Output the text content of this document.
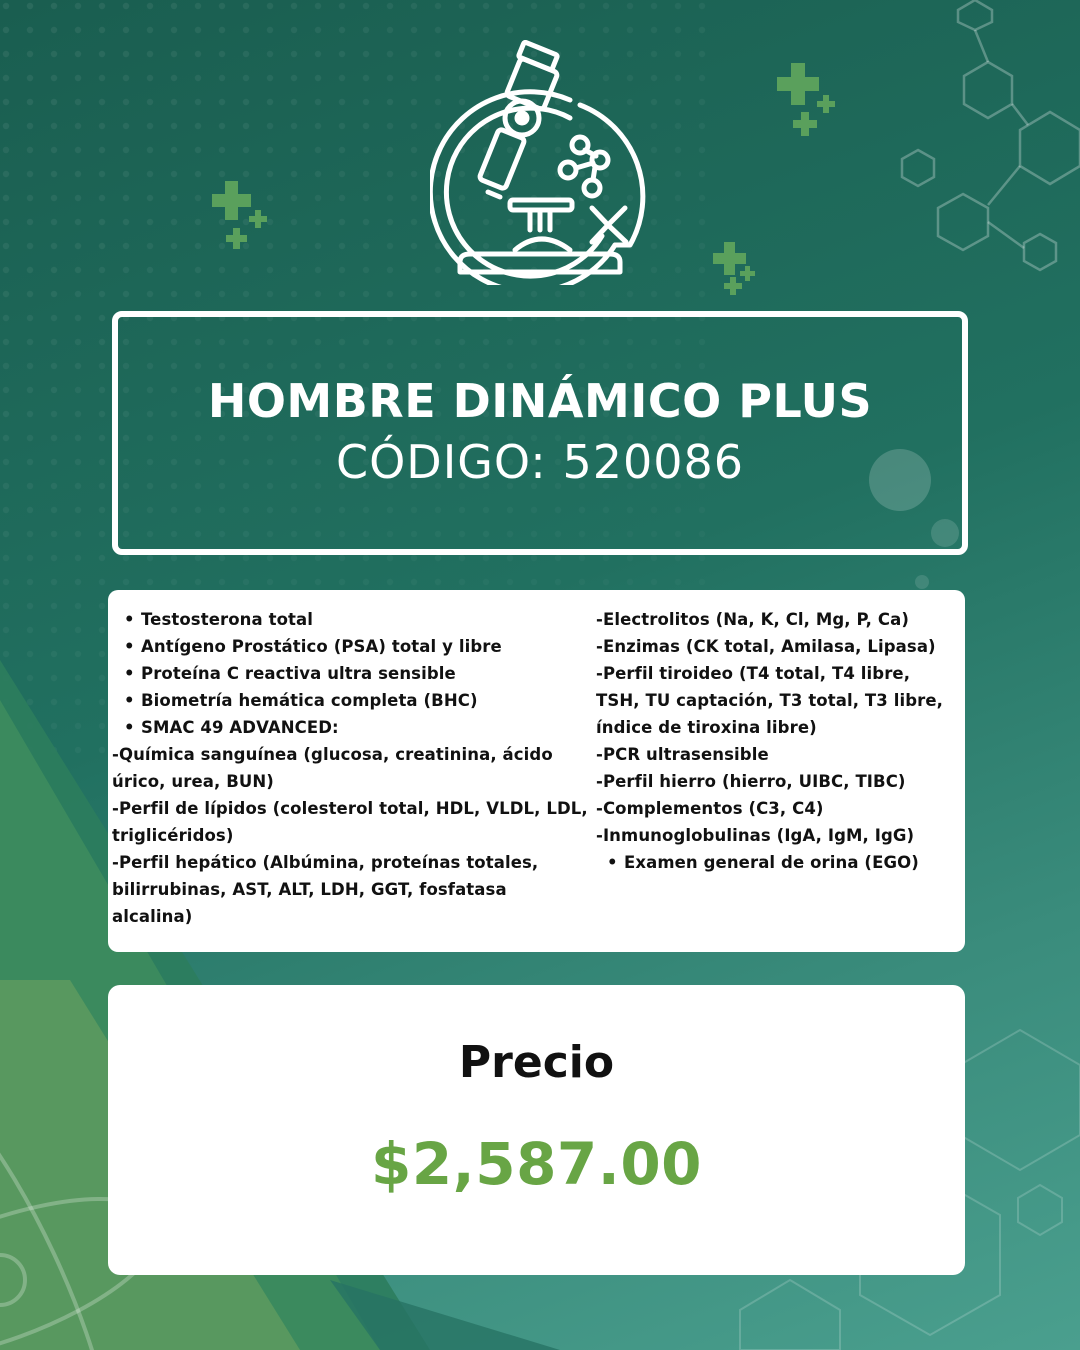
HOMBRE DINÁMICO PLUS
CÓDIGO: 520086
• Testosterona total
• Antígeno Prostático (PSA) total y libre
• Proteína C reactiva ultra sensible
• Biometría hemática completa (BHC)
• SMAC 49 ADVANCED:
-Química sanguínea (glucosa, creatinina, ácido úrico, urea, BUN)
-Perfil de lípidos (colesterol total, HDL, VLDL, LDL, triglicéridos)
-Perfil hepático (Albúmina, proteínas totales, bilirrubinas, AST, ALT, LDH, GGT, fosfatasa alcalina)
-Electrolitos (Na, K, Cl, Mg, P, Ca)
-Enzimas (CK total, Amilasa, Lipasa)
-Perfil tiroideo (T4 total, T4 libre, TSH, TU captación, T3 total, T3 libre, índice de tiroxina libre)
-PCR ultrasensible
-Perfil hierro (hierro, UIBC, TIBC)
-Complementos (C3, C4)
-Inmunoglobulinas (IgA, IgM, IgG)
• Examen general de orina (EGO)
Precio
$2,587.00
